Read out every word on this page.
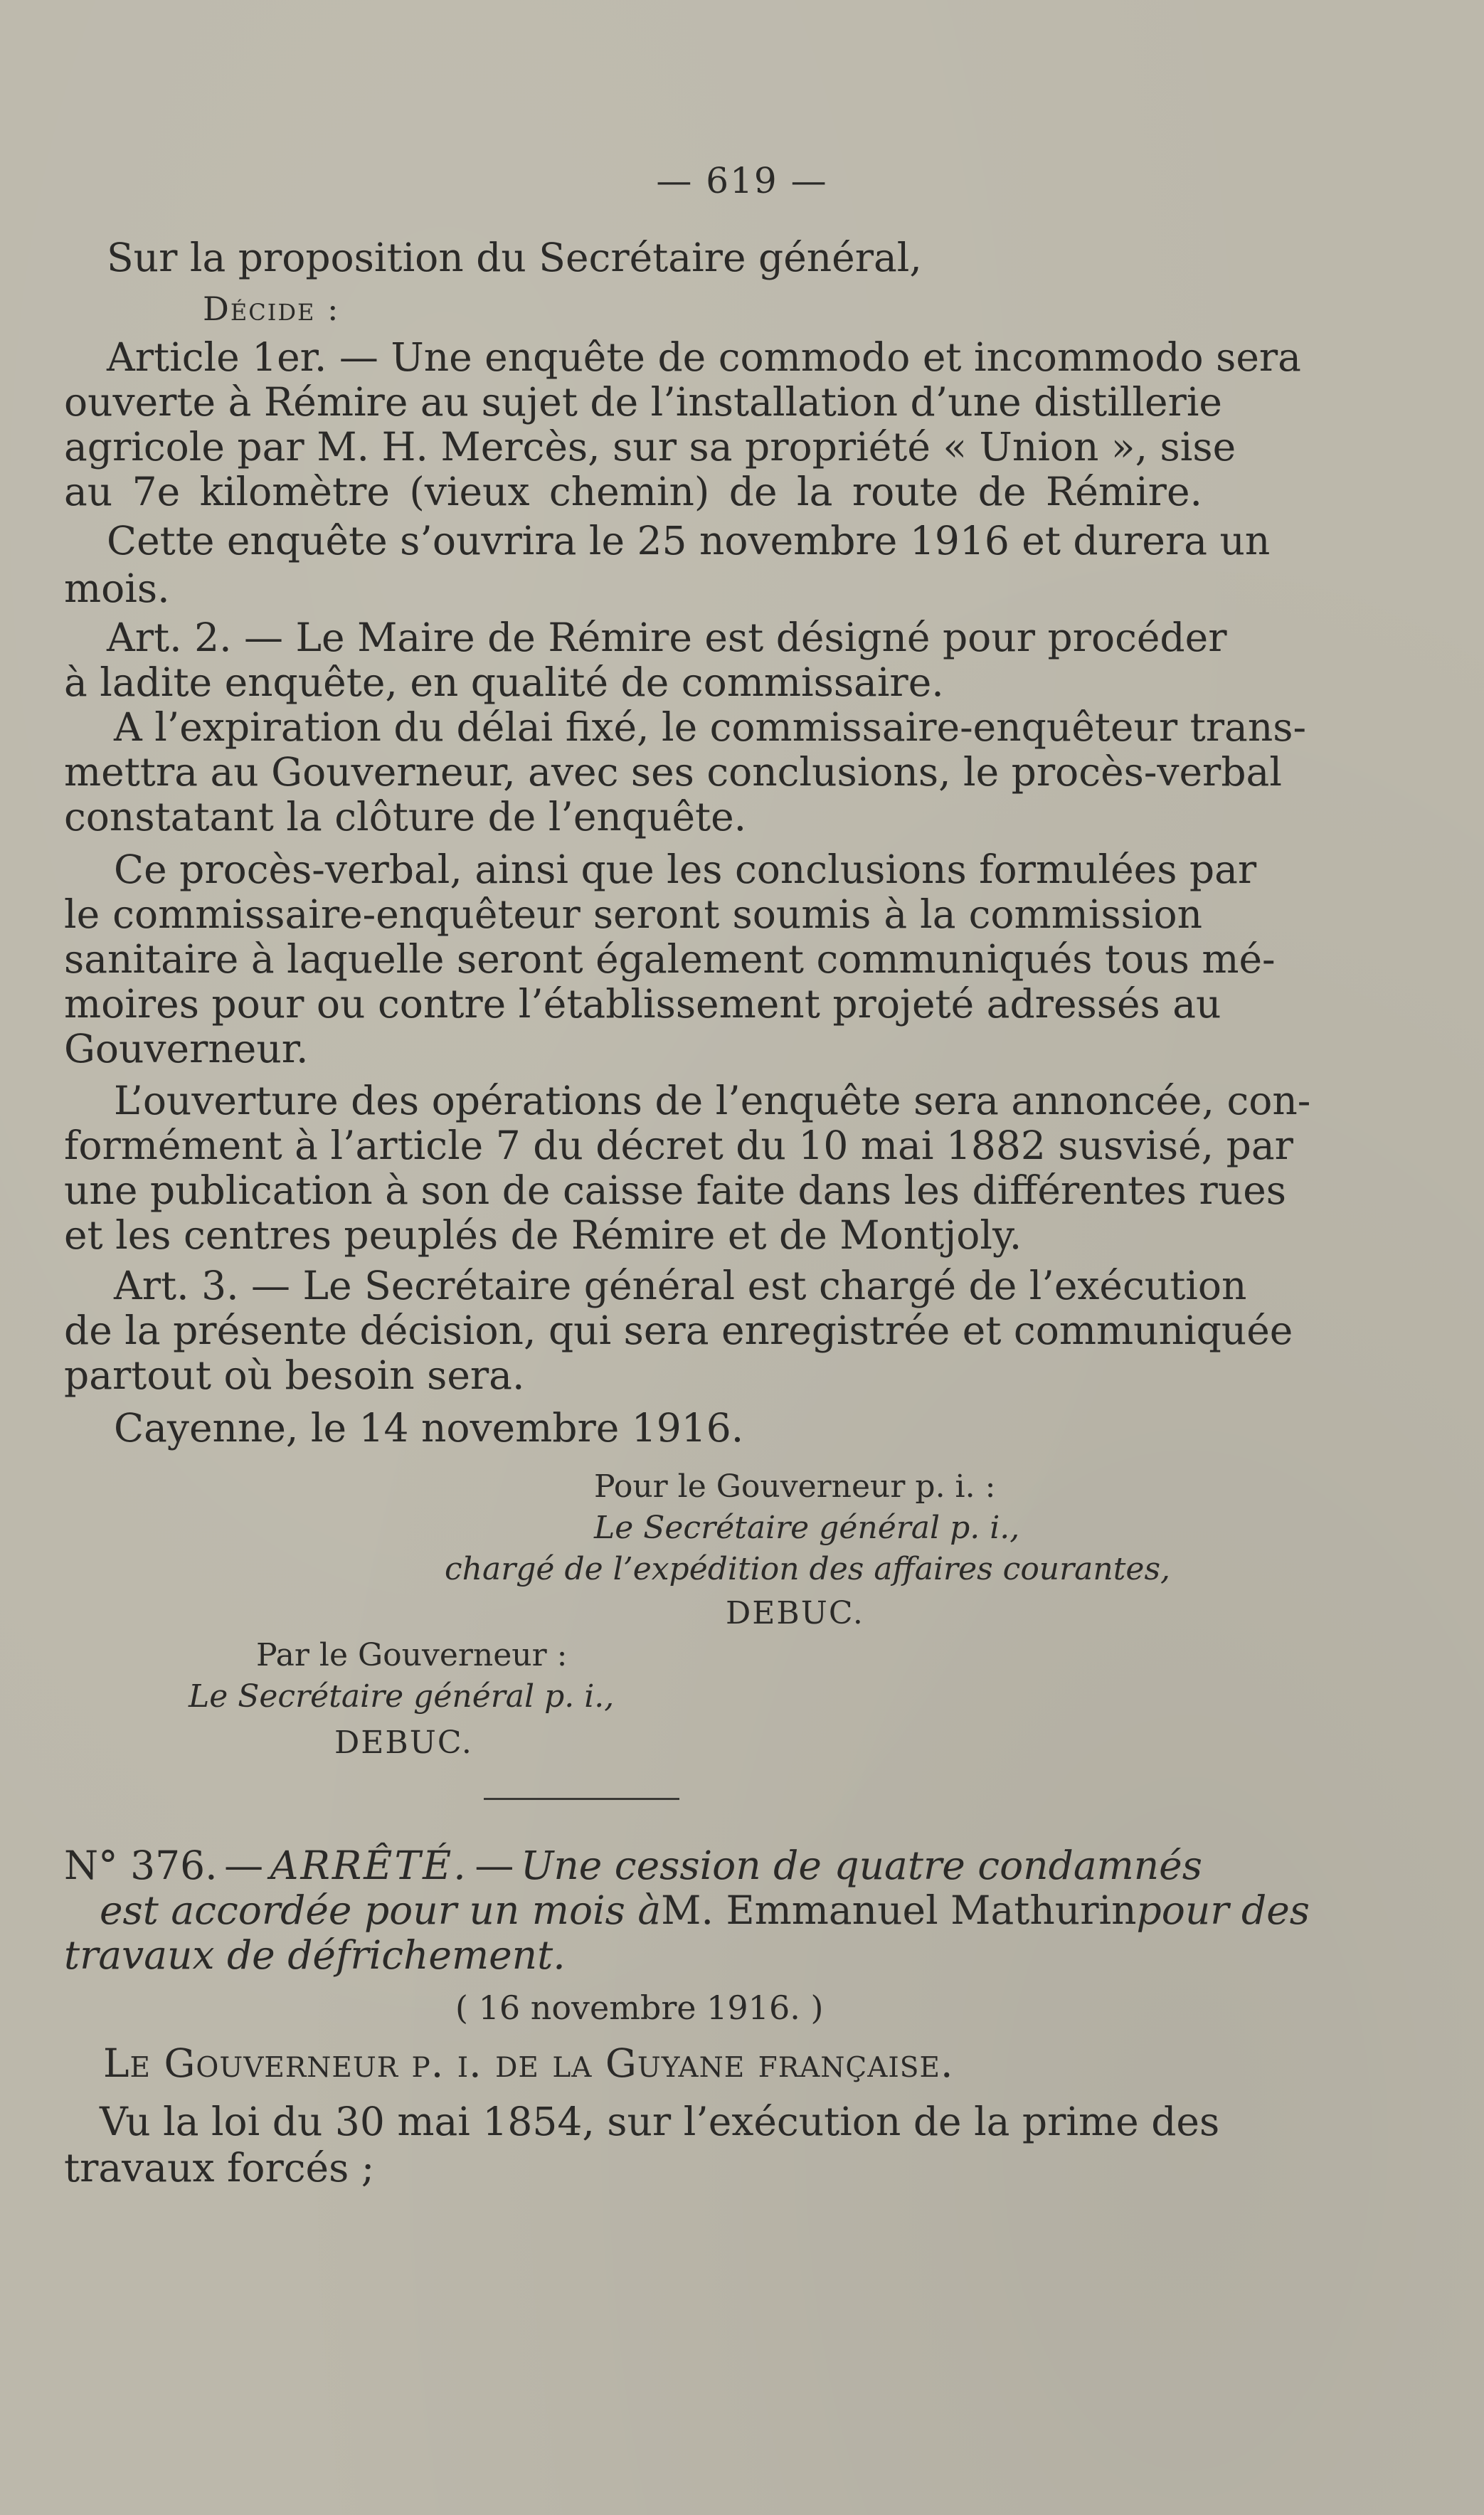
— 619 —
Sur la proposition du Secrétaire général,
Décide :
Article 1er. — Une enquête de commodo et incommodo sera
ouverte à Rémire au sujet de l’installation d’une distillerie
agricole par M. H. Mercès, sur sa propriété « Union », sise
au 7e kilomètre (vieux chemin) de la route de Rémire.
Cette enquête s’ouvrira le 25 novembre 1916 et durera un
mois.
Art. 2. — Le Maire de Rémire est désigné pour procéder
à ladite enquête, en qualité de commissaire.
A l’expiration du délai fixé, le commissaire-enquêteur trans-
mettra au Gouverneur, avec ses conclusions, le procès-verbal
constatant la clôture de l’enquête.
Ce procès-verbal, ainsi que les conclusions formulées par
le commissaire-enquêteur seront soumis à la commission
sanitaire à laquelle seront également communiqués tous mé-
moires pour ou contre l’établissement projeté adressés au
Gouverneur.
L’ouverture des opérations de l’enquête sera annoncée, con-
formément à l’article 7 du décret du 10 mai 1882 susvisé, par
une publication à son de caisse faite dans les différentes rues
et les centres peuplés de Rémire et de Montjoly.
Art. 3. — Le Secrétaire général est chargé de l’exécution
de la présente décision, qui sera enregistrée et communiquée
partout où besoin sera.
Cayenne, le 14 novembre 1916.
Pour le Gouverneur p. i. :
Le Secrétaire général p. i.,
chargé de l’expédition des affaires courantes,
DEBUC.
Par le Gouverneur :
Le Secrétaire général p. i.,
DEBUC.
N° 376. — ARRÊTÉ. — Une cession de quatre condamnés
est accordée pour un mois à M. Emmanuel Mathurin pour des
travaux de défrichement.
( 16 novembre 1916. )
Le Gouverneur p. i. de la Guyane française.
Vu la loi du 30 mai 1854, sur l’exécution de la prime des
travaux forcés ;
